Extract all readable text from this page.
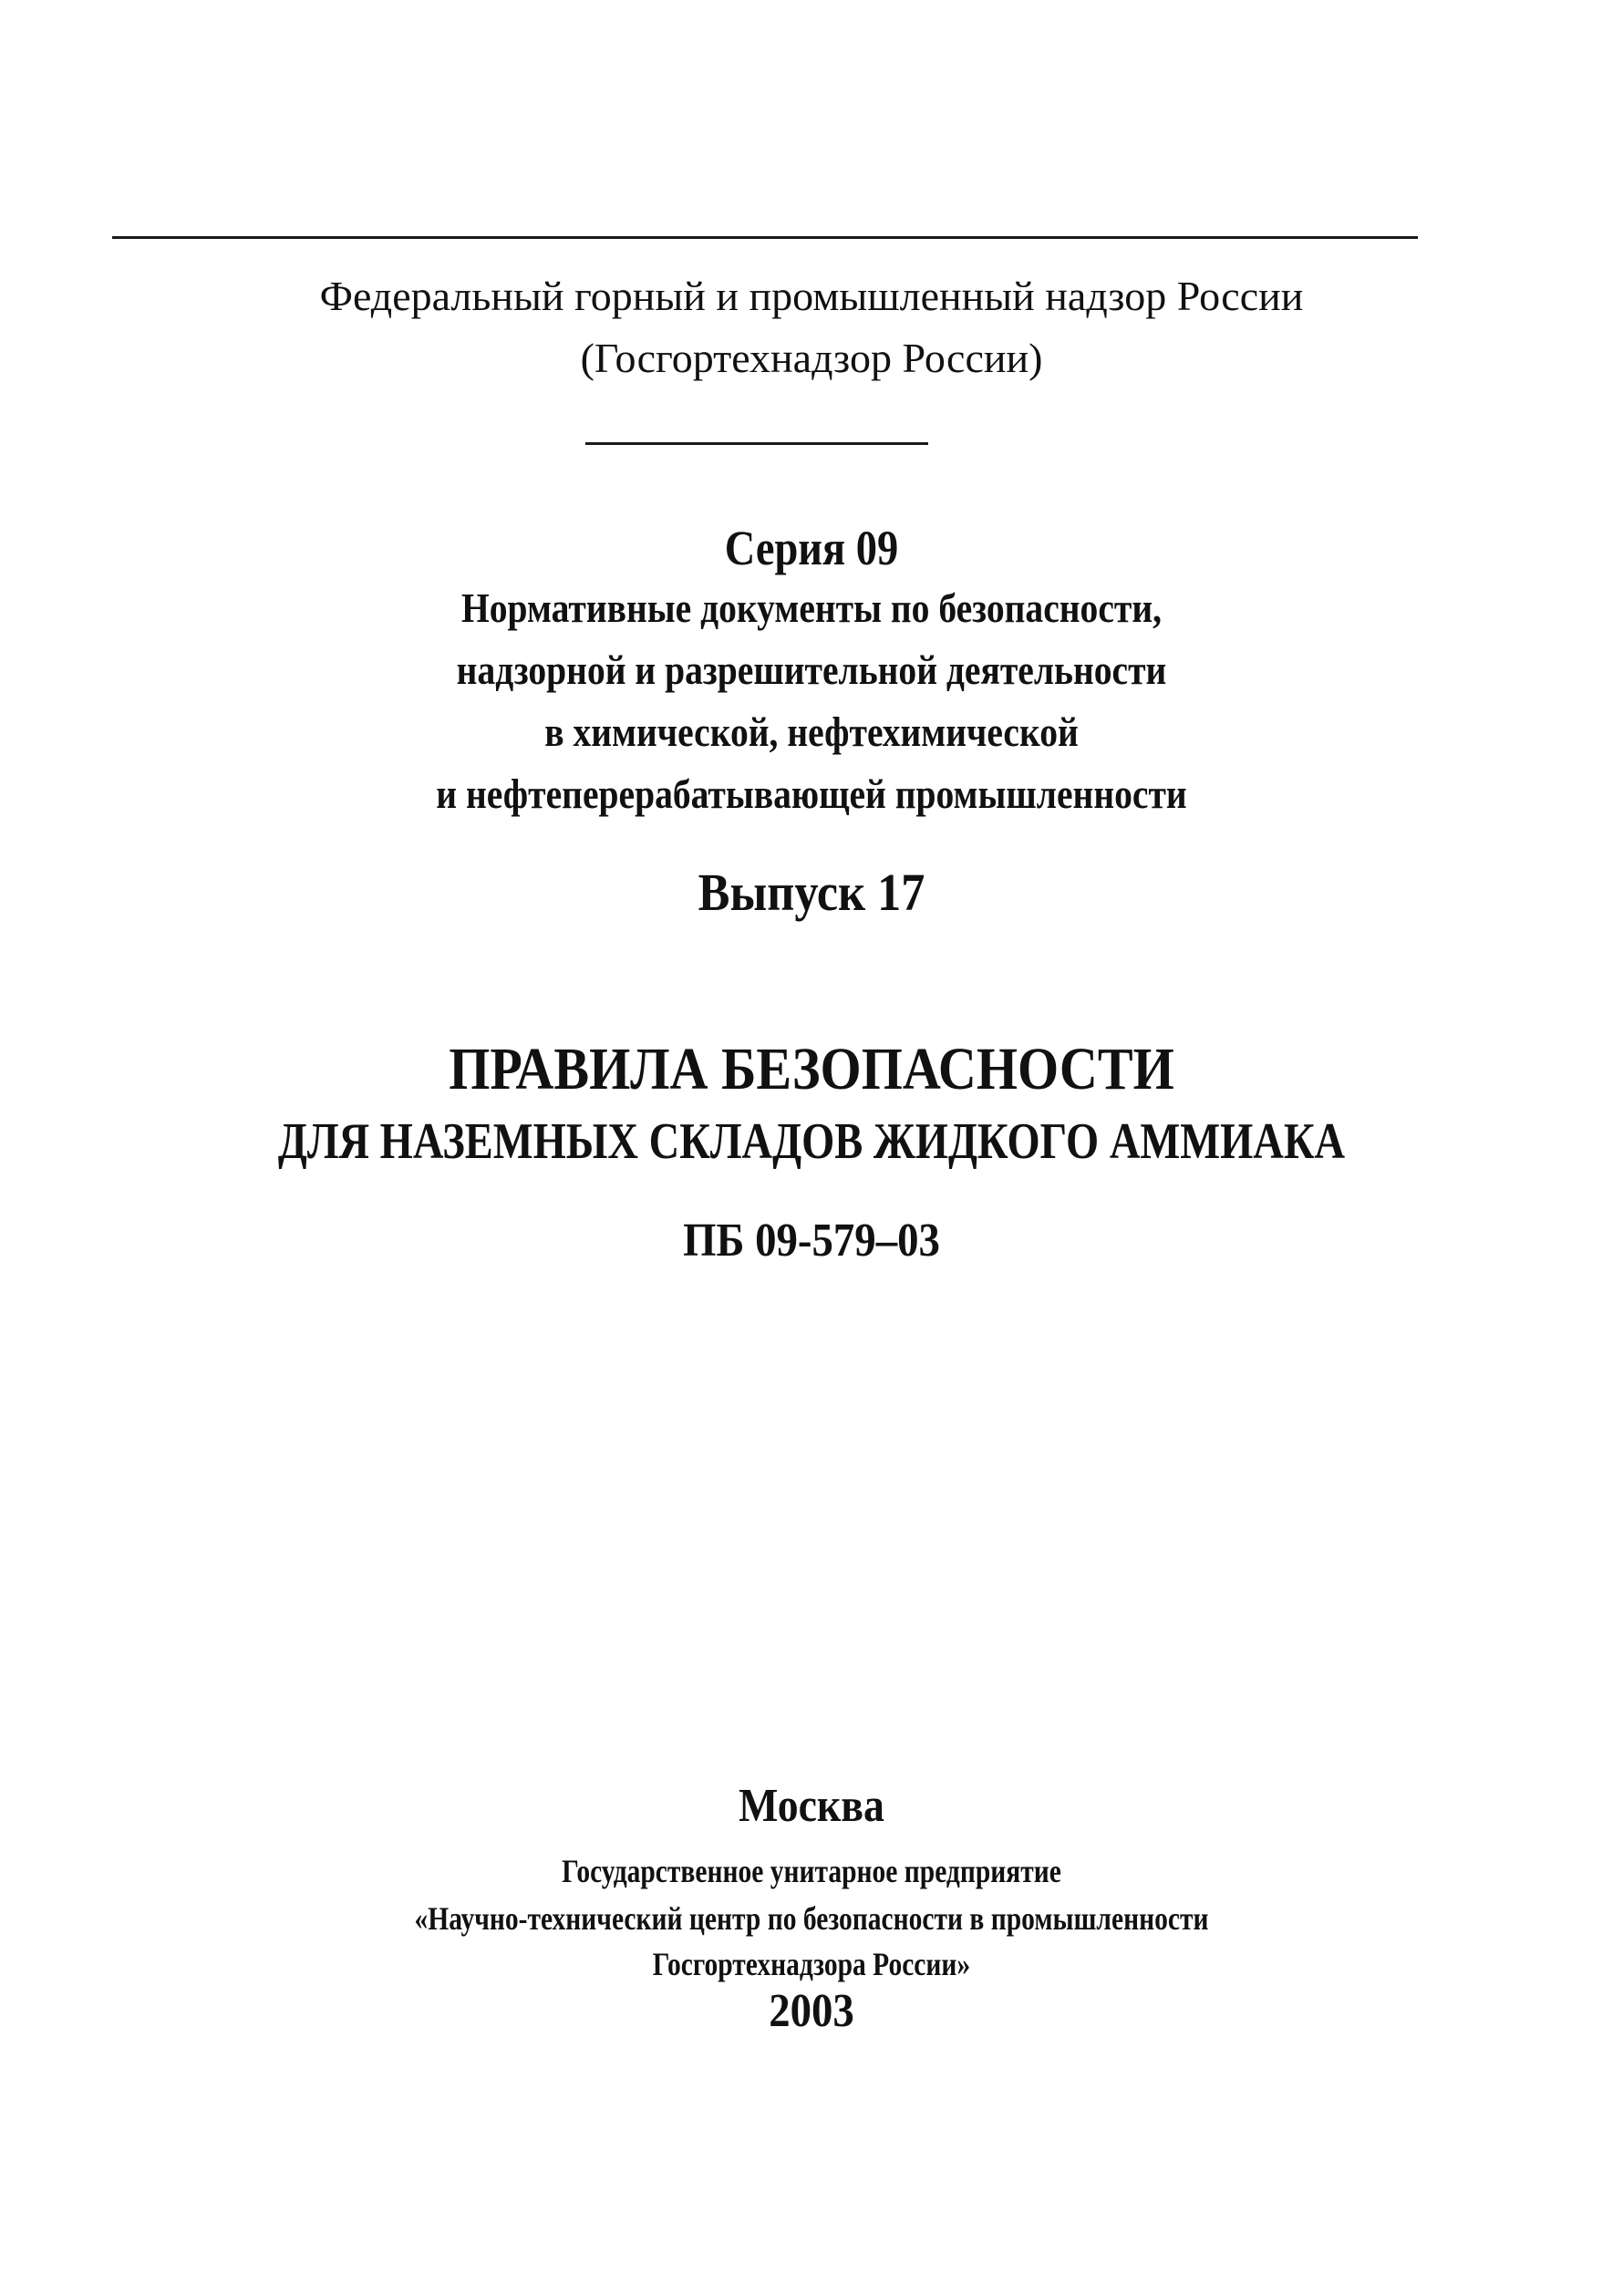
Федеральный горный и промышленный надзор России
(Госгортехнадзор России)
Серия 09
Нормативные документы по безопасности,
надзорной и разрешительной деятельности
в химической, нефтехимической
и нефтеперерабатывающей промышленности
Выпуск 17
ПРАВИЛА БЕЗОПАСНОСТИ
ДЛЯ НАЗЕМНЫХ СКЛАДОВ ЖИДКОГО АММИАКА
ПБ 09-579–03
Москва
Государственное унитарное предприятие
«Научно-технический центр по безопасности в промышленности
Госгортехнадзора России»
2003
